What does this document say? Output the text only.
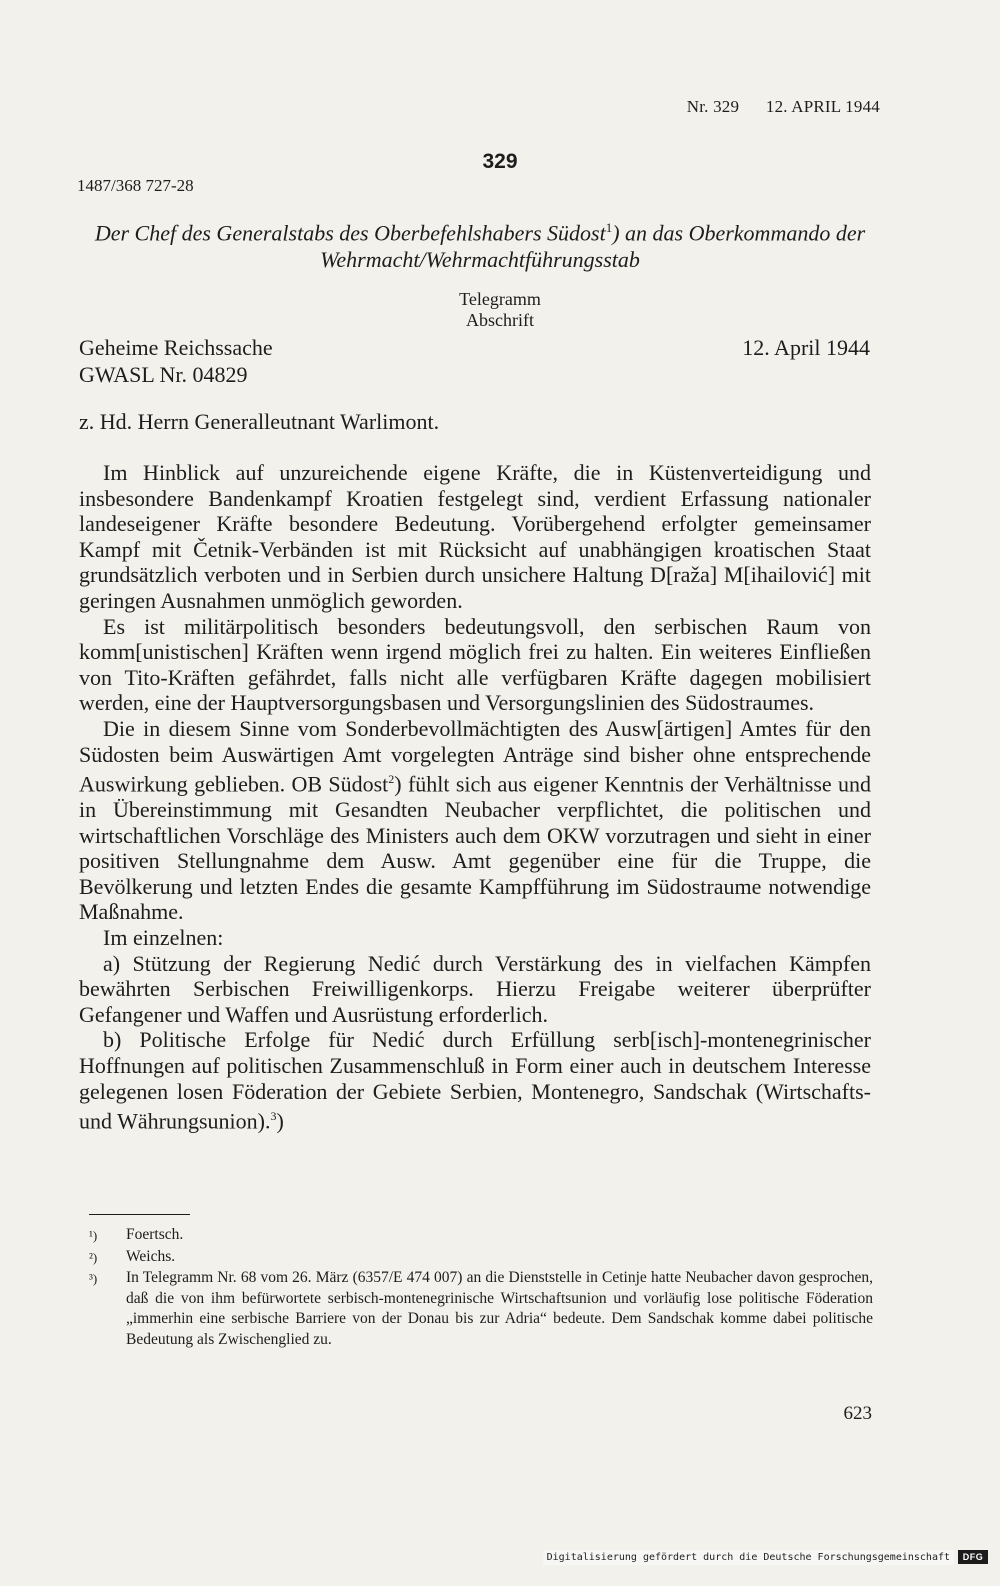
Nr. 329 12. APRIL 1944
329
1487/368 727-28
Der Chef des Generalstabs des Oberbefehlshabers Südost$^1$) an das Oberkommando der Wehrmacht/Wehrmachtführungsstab
Telegramm
Abschrift
Geheime Reichssache
GWASL Nr. 04829
12. April 1944
z. Hd. Herrn Generalleutnant Warlimont.

Im Hinblick auf unzureichende eigene Kräfte, die in Küstenverteidigung und insbesondere Bandenkampf Kroatien festgelegt sind, verdient Erfassung nationaler landeseigener Kräfte besondere Bedeutung. Vorübergehend erfolgter gemeinsamer Kampf mit Četnik-Verbänden ist mit Rücksicht auf unabhängigen kroatischen Staat grundsätzlich verboten und in Serbien durch unsichere Haltung D[raža] M[ihailović] mit geringen Ausnahmen unmöglich geworden.

Es ist militärpolitisch besonders bedeutungsvoll, den serbischen Raum von komm[unistischen] Kräften wenn irgend möglich frei zu halten. Ein weiteres Einfließen von Tito-Kräften gefährdet, falls nicht alle verfügbaren Kräfte dagegen mobilisiert werden, eine der Hauptversorgungsbasen und Versorgungslinien des Südostraumes.

Die in diesem Sinne vom Sonderbevollmächtigten des Ausw[ärtigen] Amtes für den Südosten beim Auswärtigen Amt vorgelegten Anträge sind bisher ohne entsprechende Auswirkung geblieben. OB Südost$^2$) fühlt sich aus eigener Kenntnis der Verhältnisse und in Übereinstimmung mit Gesandten Neubacher verpflichtet, die politischen und wirtschaftlichen Vorschläge des Ministers auch dem OKW vorzutragen und sieht in einer positiven Stellungnahme dem Ausw. Amt gegenüber eine für die Truppe, die Bevölkerung und letzten Endes die gesamte Kampfführung im Südostraume notwendige Maßnahme.

Im einzelnen:

a) Stützung der Regierung Nedić durch Verstärkung des in vielfachen Kämpfen bewährten Serbischen Freiwilligenkorps. Hierzu Freigabe weiterer überprüfter Gefangener und Waffen und Ausrüstung erforderlich.

b) Politische Erfolge für Nedić durch Erfüllung serb[isch]-montenegrinischer Hoffnungen auf politischen Zusammenschluß in Form einer auch in deutschem Interesse gelegenen losen Föderation der Gebiete Serbien, Montenegro, Sandschak (Wirtschafts- und Währungsunion).$^3$)

¹)	Foertsch.
²)	Weichs.
³)	In Telegramm Nr. 68 vom 26. März (6357/E 474 007) an die Dienststelle in Cetinje hatte Neubacher davon gesprochen, daß die von ihm befürwortete serbisch-montenegrinische Wirtschaftsunion und vorläufig lose politische Föderation „immerhin eine serbische Barriere von der Donau bis zur Adria“ bedeute. Dem Sandschak komme dabei politische Bedeutung als Zwischenglied zu.
623
Digitalisierung gefördert durch die Deutsche Forschungsgemeinschaft	DFG
